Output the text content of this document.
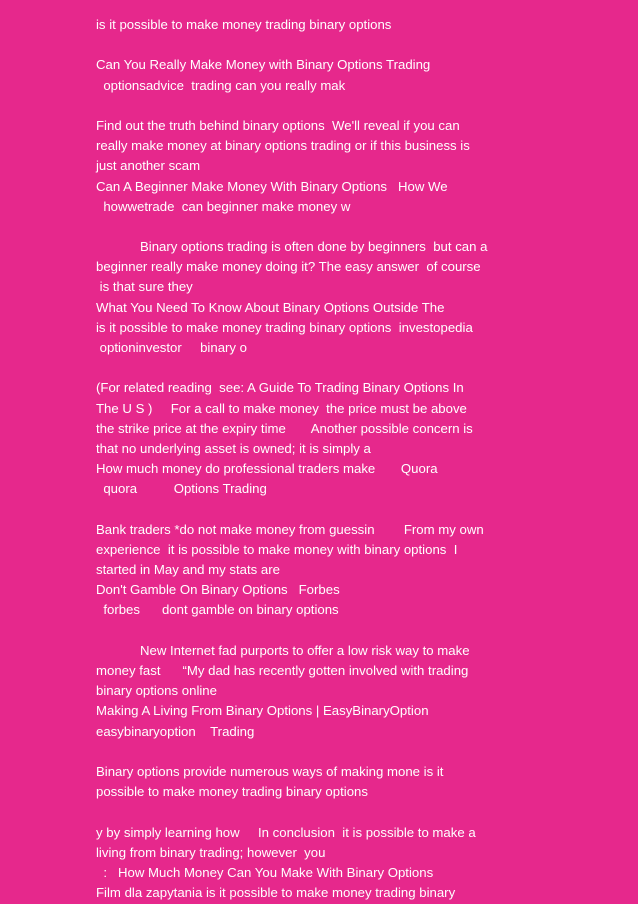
is it possible to make money trading binary options

Can You Really Make Money with Binary Options Trading

optionsadvice  trading can you really mak

Find out the truth behind binary options  We'll reveal if you can

really make money at binary options trading or if this business is

just another scam

Can A Beginner Make Money With Binary Options   How We

howwetrade  can beginner make money w

Binary options trading is often done by beginners  but can a

beginner really make money doing it? The easy answer  of course

is that sure they

What You Need To Know About Binary Options Outside The

is it possible to make money trading binary options  investopedia

optioninvestor     binary o

(For related reading  see: A Guide To Trading Binary Options In

The U S )     For a call to make money  the price must be above

the strike price at the expiry time       Another possible concern is

that no underlying asset is owned; it is simply a

How much money do professional traders make       Quora

quora          Options Trading

Bank traders *do not make money from guessin        From my own

experience  it is possible to make money with binary options  I

started in May and my stats are

Don't Gamble On Binary Options   Forbes

forbes      dont gamble on binary options

New Internet fad purports to offer a low risk way to make

money fast      “My dad has recently gotten involved with trading

binary options online

Making A Living From Binary Options | EasyBinaryOption

easybinaryoption    Trading

Binary options provide numerous ways of making mone is it

possible to make money trading binary options

y by simply learning how     In conclusion  it is possible to make a

living from binary trading; however  you

:   How Much Money Can You Make With Binary Options

Film dla zapytania is it possible to make money trading binary
